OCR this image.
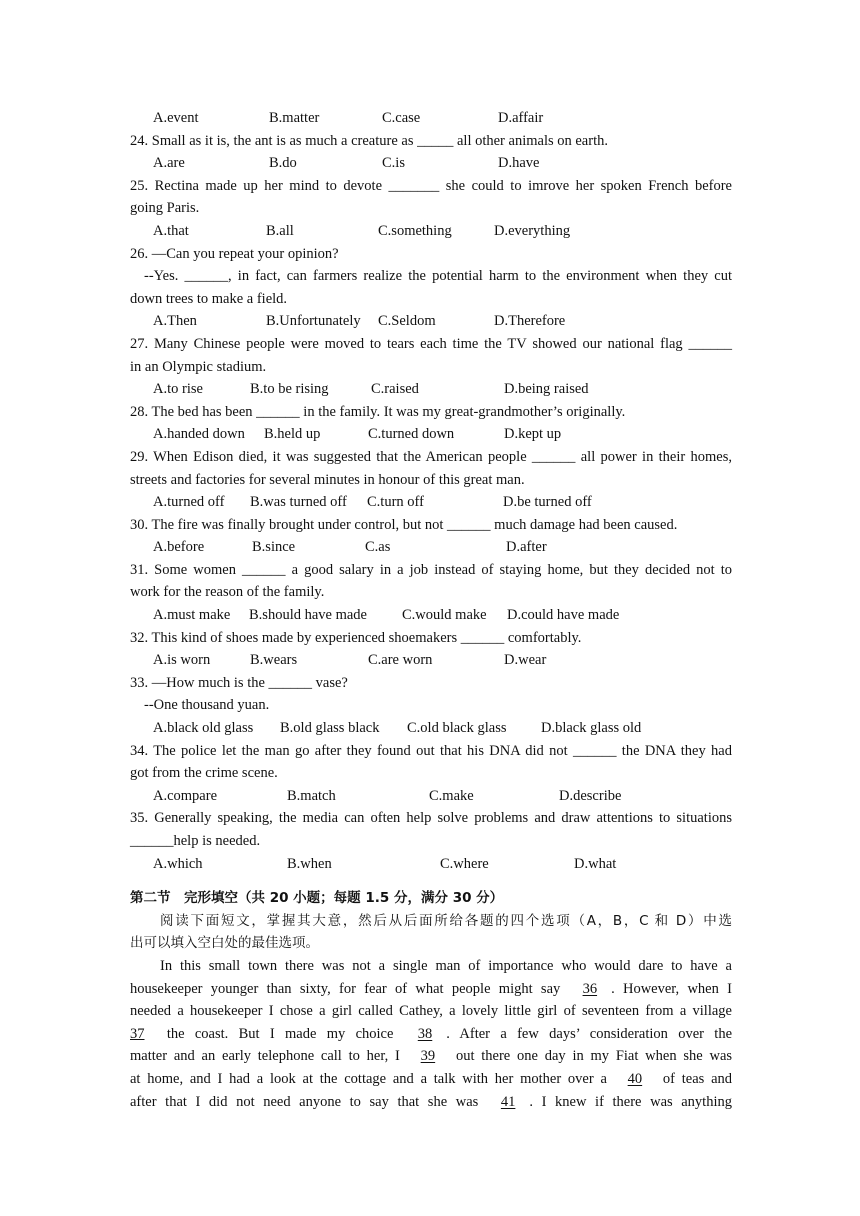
A.event	B.matter	C.case	D.affair
24. Small as it is, the ant is as much a creature as _____ all other animals on earth.
A.are	B.do	C.is	D.have
25. Rectina made up her mind to devote _______ she could to imrove her spoken French before
going Paris.
A.that	B.all	C.something	D.everything
26. —Can you repeat your opinion?
--Yes. ______, in fact, can farmers realize the potential harm to the environment when they cut
down trees to make a field.
A.Then	B.Unfortunately C.Seldom	D.Therefore
27. Many Chinese people were moved to tears each time the TV showed our national flag ______
in an Olympic stadium.
A.to rise	B.to be rising	C.raised	D.being raised
28. The bed has been ______ in the family. It was my great-grandmother’s originally.
A.handed down B.held up	C.turned down	D.kept up
29. When Edison died, it was suggested that the American people ______ all power in their homes,
streets and factories for several minutes in honour of this great man.
A.turned off B.was turned off C.turn off	D.be turned off
30. The fire was finally brought under control, but not ______ much damage had been caused.
A.before	B.since	C.as	D.after
31. Some women ______ a good salary in a job instead of staying home, but they decided not to
work for the reason of the family.
A.must make B.should have made C.would make D.could have made
32. This kind of shoes made by experienced shoemakers ______ comfortably.
A.is worn	B.wears	C.are worn	D.wear
33. —How much is the ______ vase?
--One thousand yuan.
A.black old glass B.old glass black C.old black glass D.black glass old
34. The police let the man go after they found out that his DNA did not ______ the DNA they had
got from the crime scene.
A.compare	B.match	C.make	D.describe
35. Generally speaking, the media can often help solve problems and draw attentions to situations
______help is needed.
A.which	B.when	C.where	D.what
第二节　完形填空（共 20 小题；每题 1.5 分，满分 30 分）
阅读下面短文，掌握其大意，然后从后面所给各题的四个选项（A，B，C 和 D）中选
出可以填入空白处的最佳选项。
In this small town there was not a single man of importance who would dare to have a
housekeeper younger than sixty, for fear of what people might say 36 . However, when I
needed a housekeeper I chose a girl called Cathey, a lovely little girl of seventeen from a village
37 the coast. But I made my choice 38 . After a few days’ consideration over the
matter and an early telephone call to her, I 39 out there one day in my Fiat when she was
at home, and I had a look at the cottage and a talk with her mother over a 40 of teas and
after that I did not need anyone to say that she was 41 . I knew if there was anything
